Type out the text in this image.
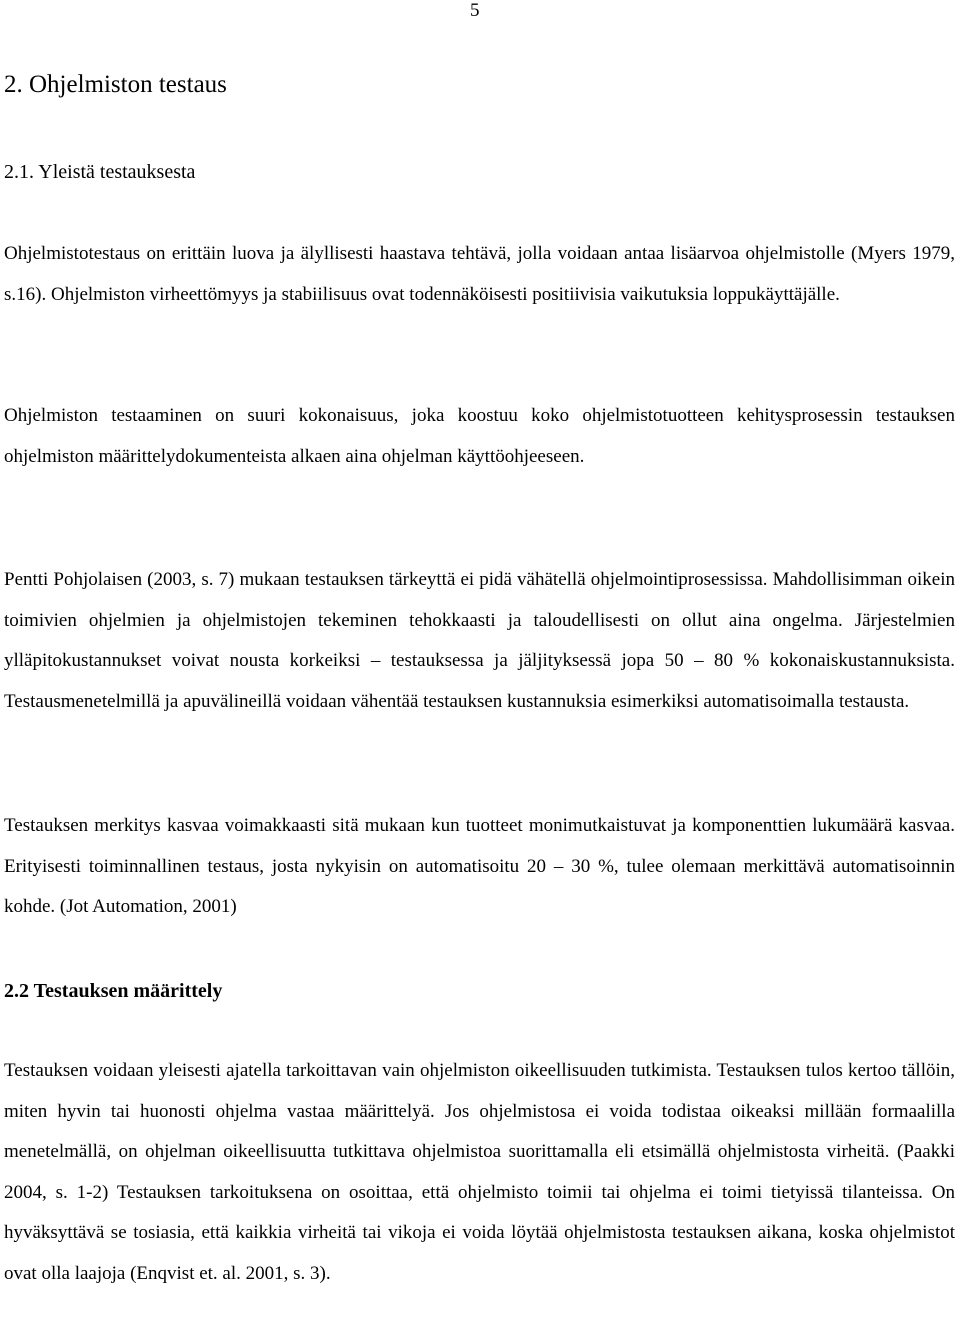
5
2. Ohjelmiston testaus
2.1. Yleistä testauksesta

Ohjelmistotestaus on erittäin luova ja älyllisesti haastava tehtävä, jolla voidaan antaa lisäarvoa ohjelmistolle (Myers 1979, s.16). Ohjelmiston virheettömyys ja stabiilisuus ovat todennäköisesti positiivisia vaikutuksia loppukäyttäjälle.

Ohjelmiston testaaminen on suuri kokonaisuus, joka koostuu koko ohjelmistotuotteen kehitysprosessin testauksen ohjelmiston määrittelydokumenteista alkaen aina ohjelman käyttöohjeeseen.

Pentti Pohjolaisen (2003, s. 7) mukaan testauksen tärkeyttä ei pidä vähätellä ohjelmointiprosessissa. Mahdollisimman oikein toimivien ohjelmien ja ohjelmistojen tekeminen tehokkaasti ja taloudellisesti on ollut aina ongelma. Järjestelmien ylläpitokustannukset voivat nousta korkeiksi – testauksessa ja jäljityksessä jopa 50 – 80 % kokonaiskustannuksista. Testausmenetelmillä ja apuvälineillä voidaan vähentää testauksen kustannuksia esimerkiksi automatisoimalla testausta.

Testauksen merkitys kasvaa voimakkaasti sitä mukaan kun tuotteet monimutkaistuvat ja komponenttien lukumäärä kasvaa. Erityisesti toiminnallinen testaus, josta nykyisin on automatisoitu 20 – 30 %, tulee olemaan merkittävä automatisoinnin kohde. (Jot Automation, 2001)

2.2 Testauksen määrittely

Testauksen voidaan yleisesti ajatella tarkoittavan vain ohjelmiston oikeellisuuden tutkimista. Testauksen tulos kertoo tällöin, miten hyvin tai huonosti ohjelma vastaa määrittelyä. Jos ohjelmistosa ei voida todistaa oikeaksi millään formaalilla menetelmällä, on ohjelman oikeellisuutta tutkittava ohjelmistoa suorittamalla eli etsimällä ohjelmistosta virheitä. (Paakki 2004, s. 1-2) Testauksen tarkoituksena on osoittaa, että ohjelmisto toimii tai ohjelma ei toimi tietyissä tilanteissa. On hyväksyttävä se tosiasia, että kaikkia virheitä tai vikoja ei voida löytää ohjelmistosta testauksen aikana, koska ohjelmistot ovat olla laajoja (Enqvist et. al. 2001, s. 3).
